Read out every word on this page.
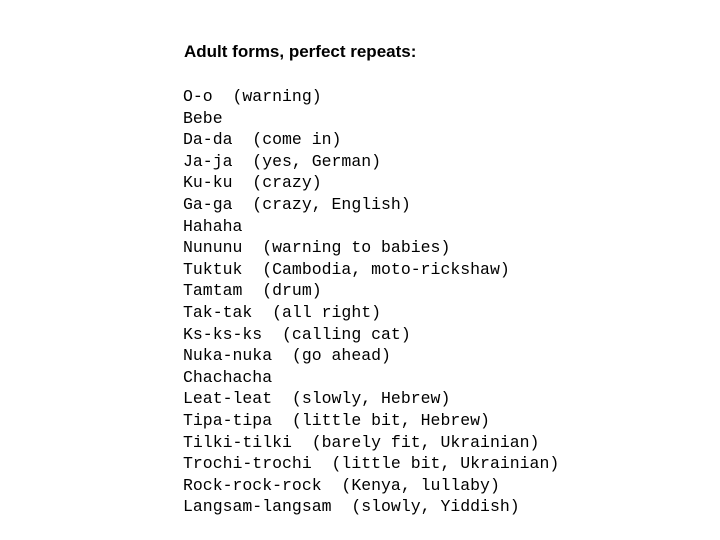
Adult forms, perfect repeats:
O-o  (warning)
Bebe
Da-da  (come in)
Ja-ja  (yes, German)
Ku-ku  (crazy)
Ga-ga  (crazy, English)
Hahaha
Nununu  (warning to babies)
Tuktuk  (Cambodia, moto-rickshaw)
Tamtam  (drum)
Tak-tak  (all right)
Ks-ks-ks  (calling cat)
Nuka-nuka  (go ahead)
Chachacha
Leat-leat  (slowly, Hebrew)
Tipa-tipa  (little bit, Hebrew)
Tilki-tilki  (barely fit, Ukrainian)
Trochi-trochi  (little bit, Ukrainian)
Rock-rock-rock  (Kenya, lullaby)
Langsam-langsam  (slowly, Yiddish)
